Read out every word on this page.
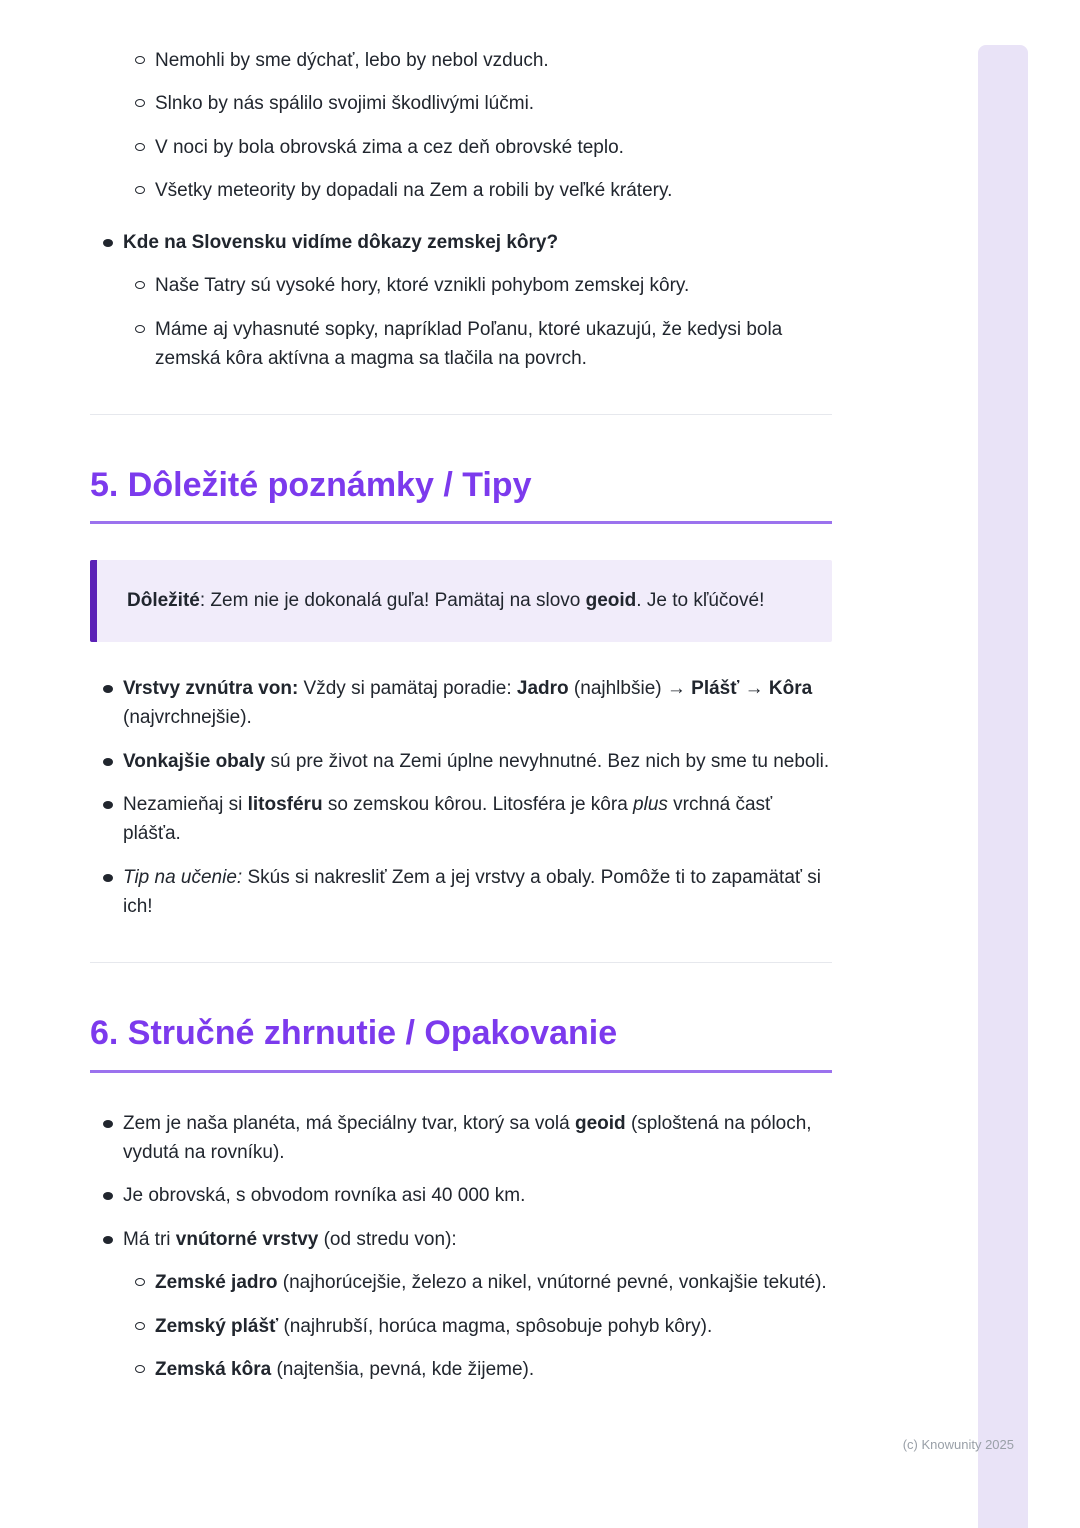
Nemohli by sme dýchať, lebo by nebol vzduch.
Slnko by nás spálilo svojimi škodlivými lúčmi.
V noci by bola obrovská zima a cez deň obrovské teplo.
Všetky meteority by dopadali na Zem a robili by veľké krátery.
Kde na Slovensku vidíme dôkazy zemskej kôry?
Naše Tatry sú vysoké hory, ktoré vznikli pohybom zemskej kôry.
Máme aj vyhasnuté sopky, napríklad Poľanu, ktoré ukazujú, že kedysi bola zemská kôra aktívna a magma sa tlačila na povrch.
5. Dôležité poznámky / Tipy
Dôležité: Zem nie je dokonalá guľa! Pamätaj na slovo geoid. Je to kľúčové!
Vrstvy zvnútra von: Vždy si pamätaj poradie: Jadro (najhlbšie) → Plášť → Kôra (najvrchnejšie).
Vonkajšie obaly sú pre život na Zemi úplne nevyhnutné. Bez nich by sme tu neboli.
Nezamieňaj si litosféru so zemskou kôrou. Litosféra je kôra plus vrchná časť plášťa.
Tip na učenie: Skús si nakresliť Zem a jej vrstvy a obaly. Pomôže ti to zapamätať si ich!
6. Stručné zhrnutie / Opakovanie
Zem je naša planéta, má špeciálny tvar, ktorý sa volá geoid (sploštená na póloch, vydutá na rovníku).
Je obrovská, s obvodom rovníka asi 40 000 km.
Má tri vnútorné vrstvy (od stredu von):
Zemské jadro (najhorúcejšie, železo a nikel, vnútorné pevné, vonkajšie tekuté).
Zemský plášť (najhrubší, horúca magma, spôsobuje pohyb kôry).
Zemská kôra (najtenšia, pevná, kde žijeme).
(c) Knowunity 2025
